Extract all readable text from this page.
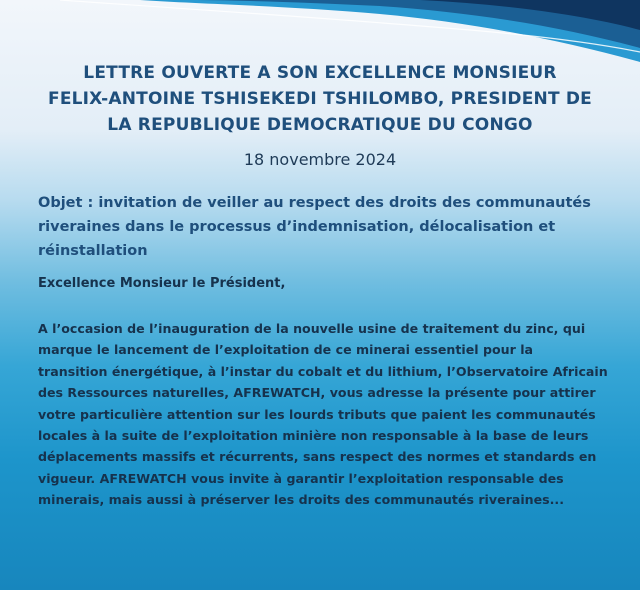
LETTRE OUVERTE A SON EXCELLENCE MONSIEUR
FELIX-ANTOINE TSHISEKEDI TSHILOMBO, PRESIDENT DE
LA REPUBLIQUE DEMOCRATIQUE DU CONGO
18 novembre 2024
Objet : invitation de veiller au respect des droits des communautés
riveraines dans le processus d’indemnisation, délocalisation et
réinstallation
Excellence Monsieur le Président,
A l’occasion de l’inauguration de la nouvelle usine de traitement du zinc, qui
marque le lancement de l’exploitation de ce minerai essentiel pour la
transition énergétique, à l’instar du cobalt et du lithium, l’Observatoire Africain
des Ressources naturelles, AFREWATCH, vous adresse la présente pour attirer
votre particulière attention sur les lourds tributs que paient les communautés
locales à la suite de l’exploitation minière non responsable à la base de leurs
déplacements massifs et récurrents, sans respect des normes et standards en
vigueur. AFREWATCH vous invite à garantir l’exploitation responsable des
minerais, mais aussi à préserver les droits des communautés riveraines...
